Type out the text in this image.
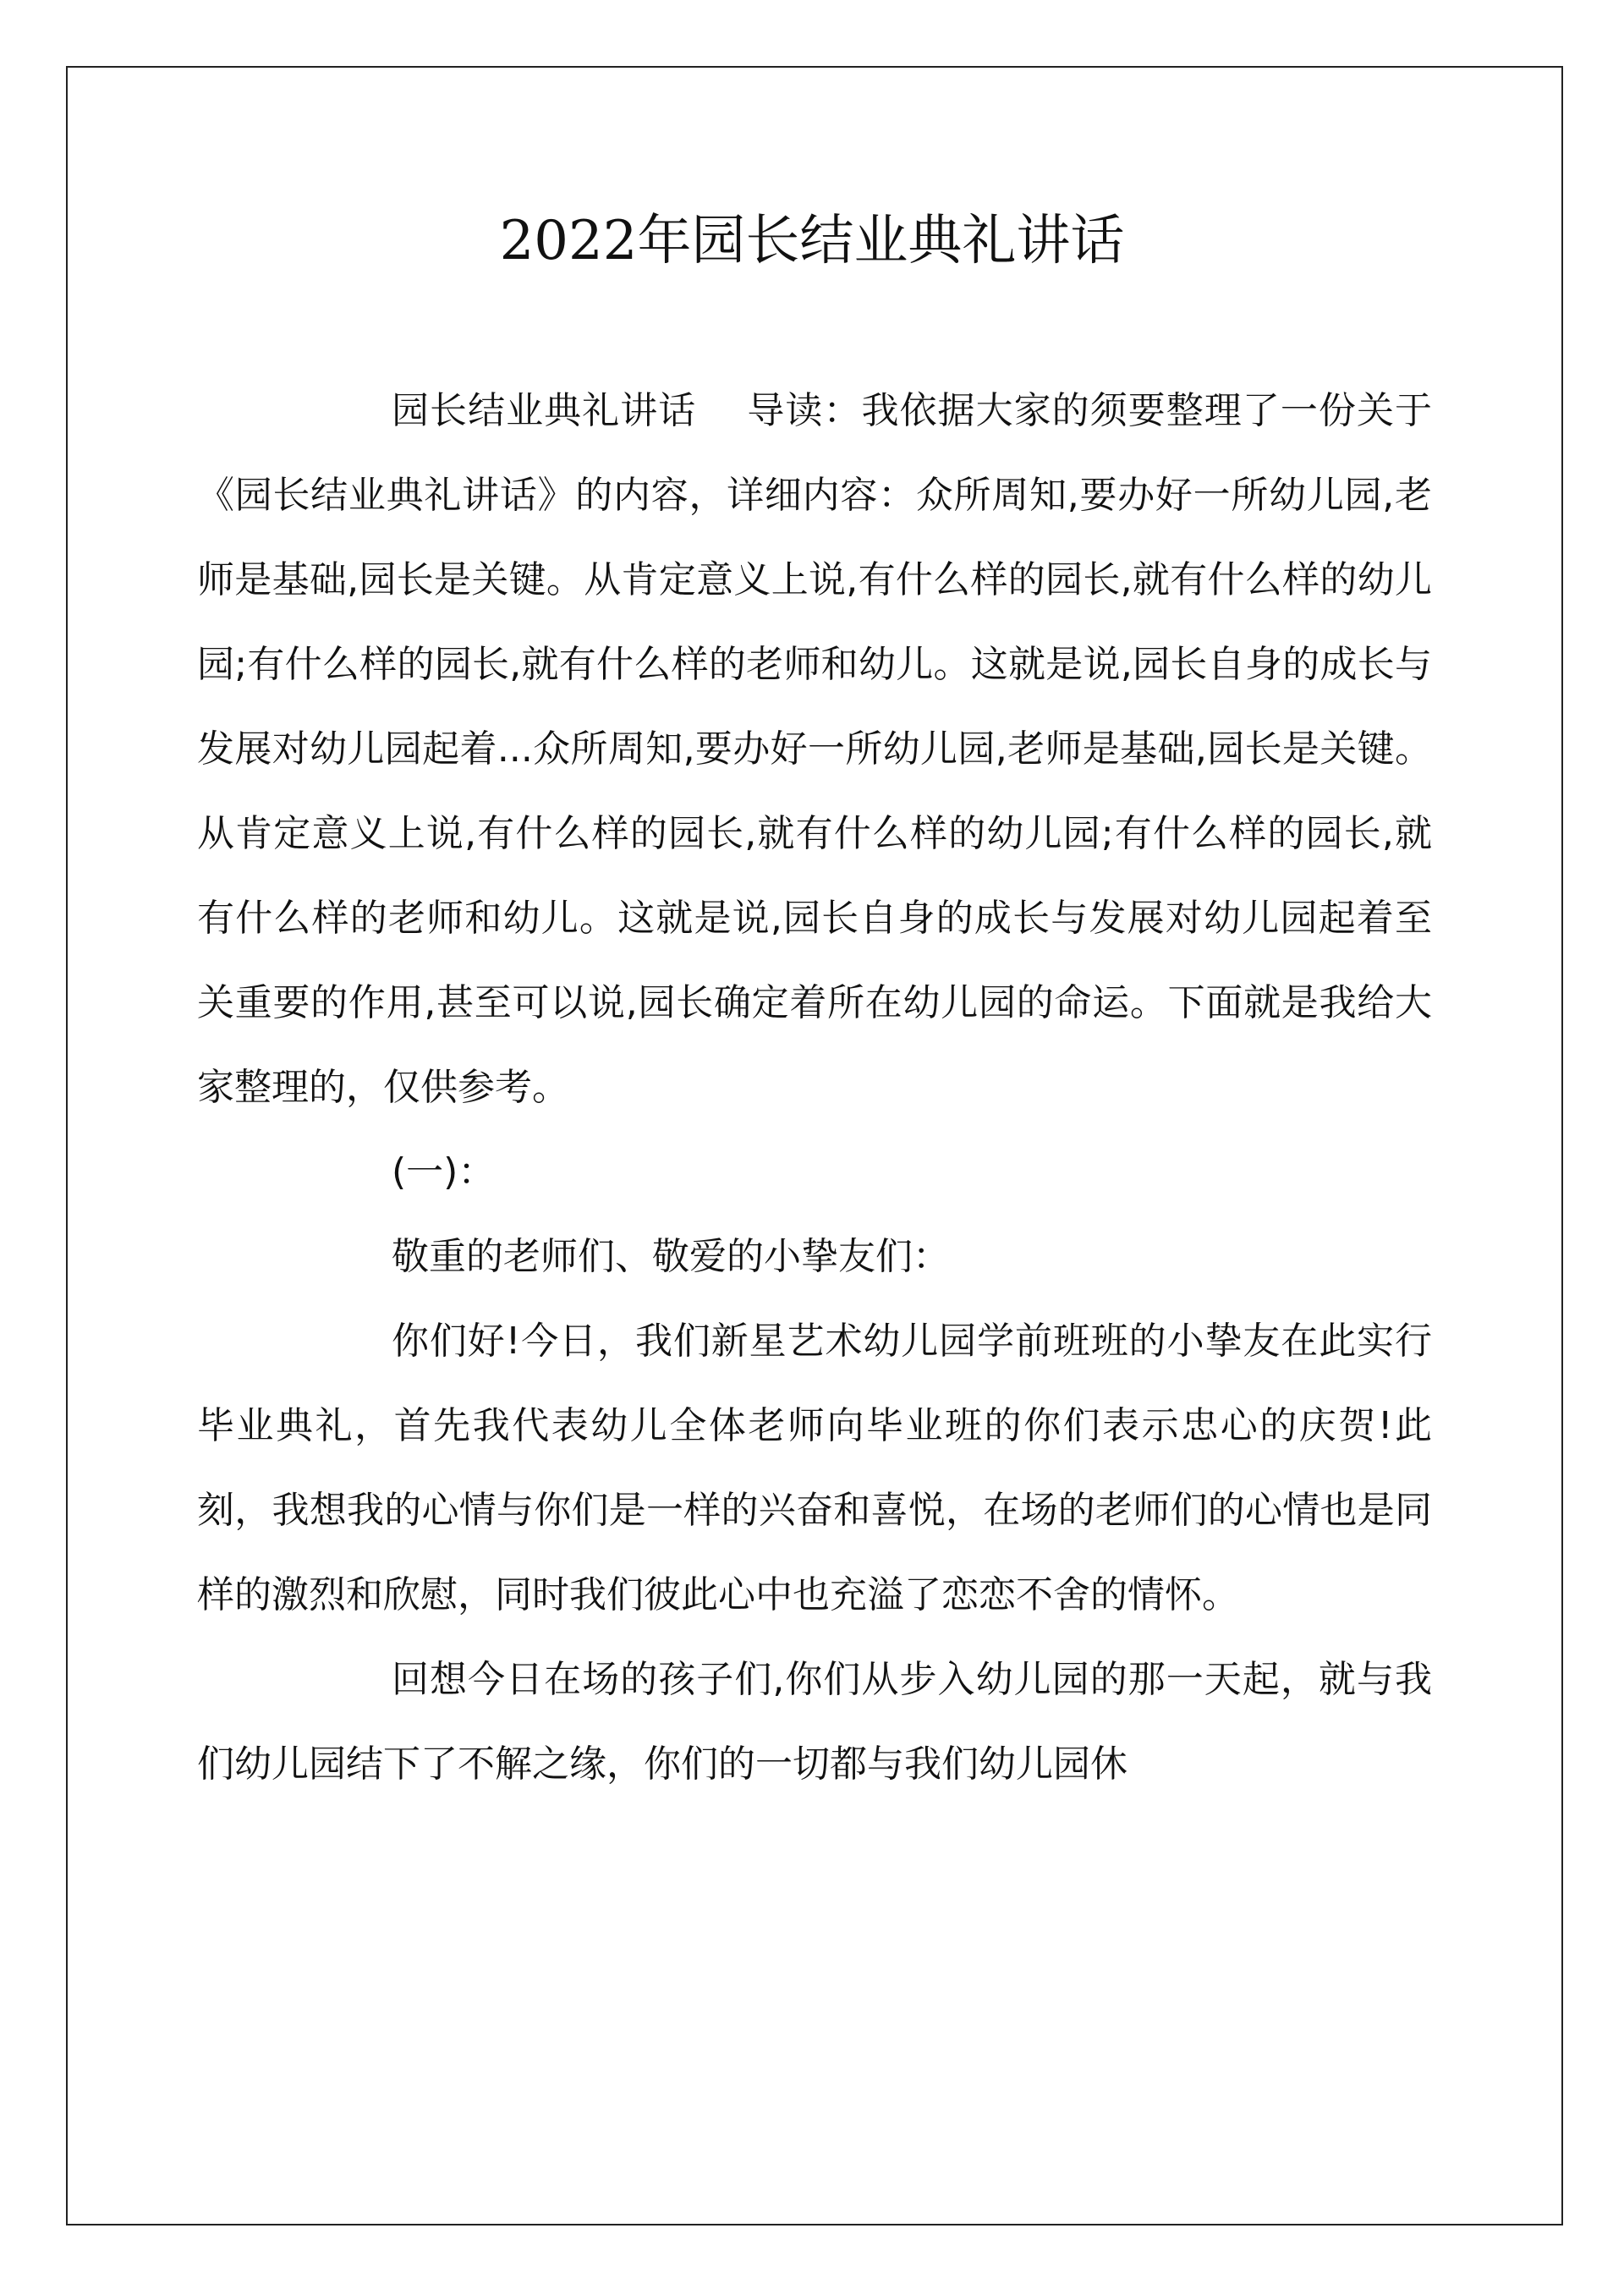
2022年园长结业典礼讲话

园长结业典礼讲话    导读：我依据大家的须要整理了一份关于《园长结业典礼讲话》的内容，详细内容：众所周知,要办好一所幼儿园,老师是基础,园长是关键。从肯定意义上说,有什么样的园长,就有什么样的幼儿园;有什么样的园长,就有什么样的老师和幼儿。这就是说,园长自身的成长与发展对幼儿园起着...众所周知,要办好一所幼儿园,老师是基础,园长是关键。从肯定意义上说,有什么样的园长,就有什么样的幼儿园;有什么样的园长,就有什么样的老师和幼儿。这就是说,园长自身的成长与发展对幼儿园起着至关重要的作用,甚至可以说,园长确定着所在幼儿园的命运。下面就是我给大家整理的，仅供参考。

(一)：

敬重的老师们、敬爱的小挚友们：

你们好!今日，我们新星艺术幼儿园学前班班的小挚友在此实行毕业典礼，首先我代表幼儿全体老师向毕业班的你们表示忠心的庆贺!此刻，我想我的心情与你们是一样的兴奋和喜悦，在场的老师们的心情也是同样的激烈和欣慰，同时我们彼此心中也充溢了恋恋不舍的情怀。

回想今日在场的孩子们,你们从步入幼儿园的那一天起，就与我们幼儿园结下了不解之缘，你们的一切都与我们幼儿园休
